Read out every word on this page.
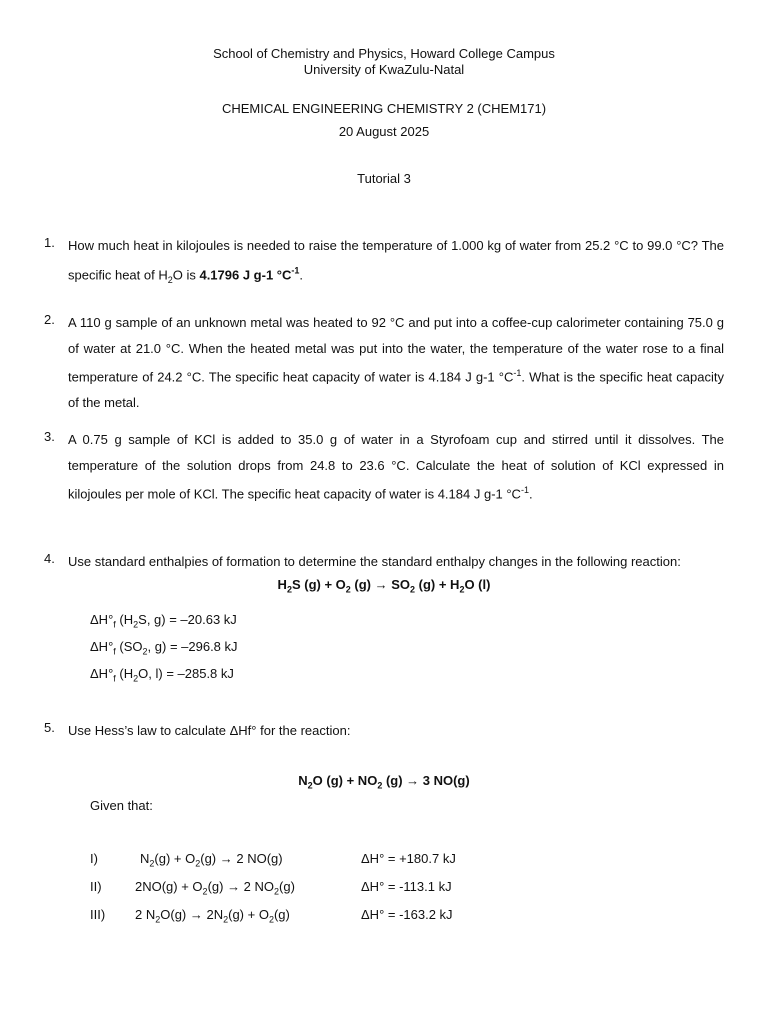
School of Chemistry and Physics, Howard College Campus
University of KwaZulu-Natal
CHEMICAL ENGINEERING CHEMISTRY 2 (CHEM171)
20 August 2025
Tutorial 3
1. How much heat in kilojoules is needed to raise the temperature of 1.000 kg of water from 25.2 °C to 99.0 °C? The specific heat of $H_2O$ is 4.1796 J g-1 $^\circ C^{-1}$.
2. A 110 g sample of an unknown metal was heated to 92 °C and put into a coffee-cup calorimeter containing 75.0 g of water at 21.0 °C. When the heated metal was put into the water, the temperature of the water rose to a final temperature of 24.2 °C. The specific heat capacity of water is 4.184 J g-1 $^\circ C^{-1}$. What is the specific heat capacity of the metal.
3. A 0.75 g sample of KCl is added to 35.0 g of water in a Styrofoam cup and stirred until it dissolves. The temperature of the solution drops from 24.8 to 23.6 °C. Calculate the heat of solution of KCl expressed in kilojoules per mole of KCl. The specific heat capacity of water is 4.184 J g-1 $^\circ C^{-1}$.
4. Use standard enthalpies of formation to determine the standard enthalpy changes in the following reaction:
$H_2S$ $(g) + O_2$ $(g) \to SO_2$ $(g) + H_2O$ (l)
$\Delta H^\circ_f$ ($H_2S$, g) = –20.63 kJ
$\Delta H^\circ_f$ ($SO_2$, g) = –296.8 kJ
$\Delta H^\circ_f$ ($H_2O$, l) = –285.8 kJ
5. Use Hess’s law to calculate ΔHf° for the reaction:
$N_2O$ $(g) + NO_2$ (g) → 3 NO(g)
Given that:
I)	$N_2(g) + O_2(g) \to 2$ NO(g)	ΔH° = +180.7 kJ
II)	$2NO(g) + O_2(g) \to 2$ $NO_2(g)$	ΔH° = -113.1 kJ
III) 2 $N_2O(g) \to 2N_2(g) + O_2(g)$	ΔH° = -163.2 kJ
